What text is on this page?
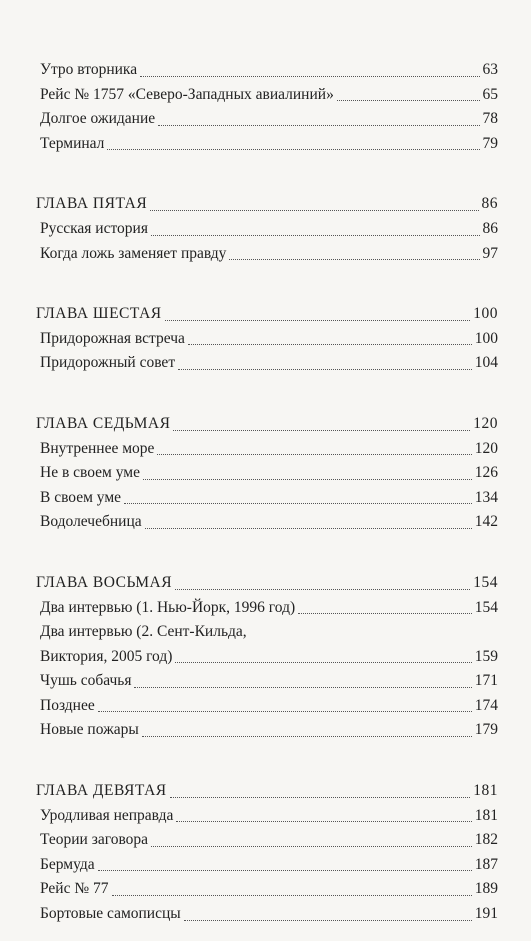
Утро вторника	63
Рейс № 1757 «Северо-Западных авиалиний»	65
Долгое ожидание	78
Терминал	79
ГЛАВА ПЯТАЯ	86
Русская история	86
Когда ложь заменяет правду	97
ГЛАВА ШЕСТАЯ	100
Придорожная встреча	100
Придорожный совет	104
ГЛАВА СЕДЬМАЯ	120
Внутреннее море	120
Не в своем уме	126
В своем уме	134
Водолечебница	142
ГЛАВА ВОСЬМАЯ	154
Два интервью (1. Нью-Йорк, 1996 год)	154
Два интервью (2. Сент-Кильда,
Виктория, 2005 год)	159
Чушь собачья	171
Позднее	174
Новые пожары	179
ГЛАВА ДЕВЯТАЯ	181
Уродливая неправда	181
Теории заговора	182
Бермуда	187
Рейс № 77	189
Бортовые самописцы	191
